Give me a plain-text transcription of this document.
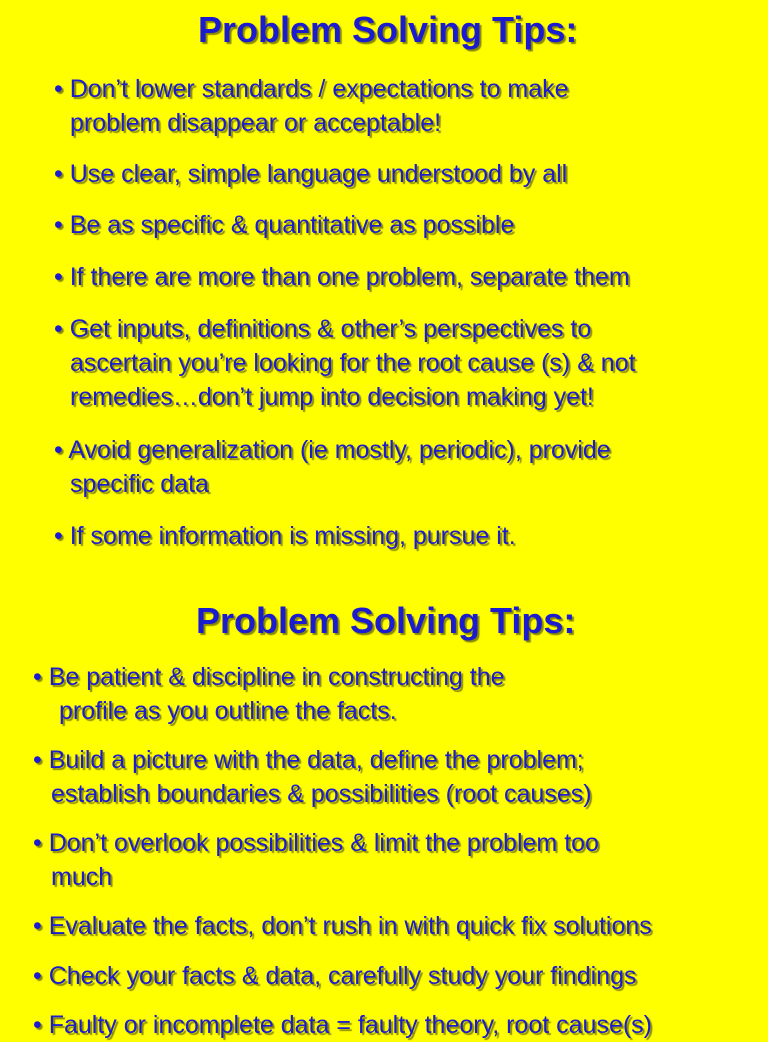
Problem Solving Tips:
• Don’t lower standards / expectations to make
problem disappear or acceptable!
• Use clear, simple language understood by all
• Be as specific & quantitative as possible
• If there are more than one problem, separate them
• Get inputs, definitions & other’s perspectives to
ascertain you’re looking for the root cause (s) & not
remedies…don’t jump into decision making yet!
• Avoid generalization (ie mostly, periodic), provide
specific data
• If some information is missing, pursue it.
Problem Solving Tips:
• Be patient & discipline in constructing the
profile as you outline the facts.
• Build a picture with the data, define the problem;
establish boundaries & possibilities (root causes)
• Don’t overlook possibilities & limit the problem too
much
• Evaluate the facts, don’t rush in with quick fix solutions
• Check your facts & data, carefully study your findings
• Faulty or incomplete data = faulty theory, root cause(s)
